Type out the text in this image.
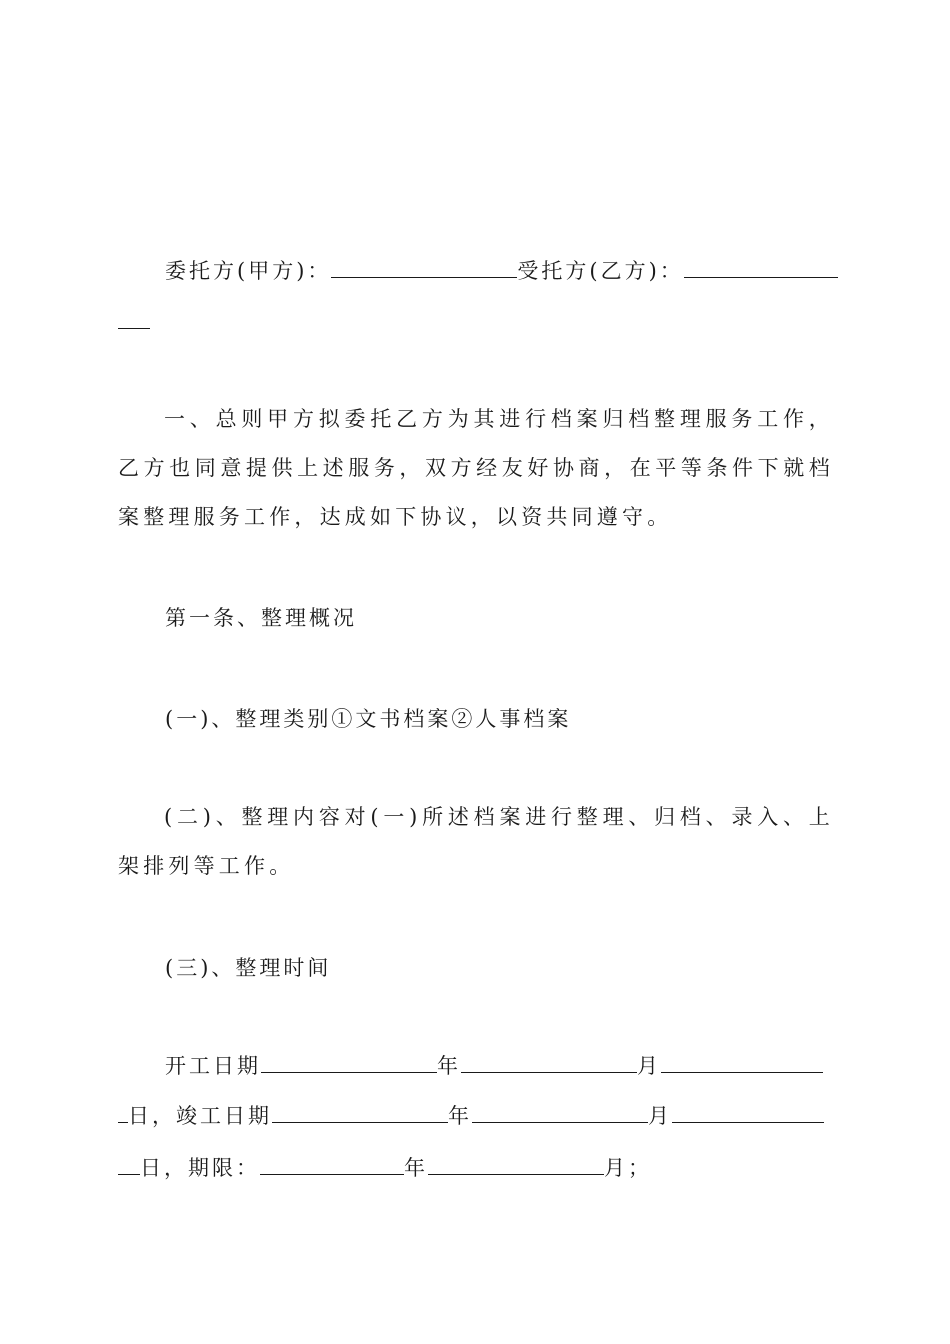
委托方(甲方)：	受托方(乙方)：
一、总则甲方拟委托乙方为其进行档案归档整理服务工作，乙方也同意提供上述服务，双方经友好协商，在平等条件下就档案整理服务工作，达成如下协议，以资共同遵守。
第一条、整理概况
(一)、整理类别①文书档案②人事档案
(二)、整理内容对(一)所述档案进行整理、归档、录入、上架排列等工作。
(三)、整理时间
开工日期	年	月
日，竣工日期	年	月
日，期限：	年	月；
